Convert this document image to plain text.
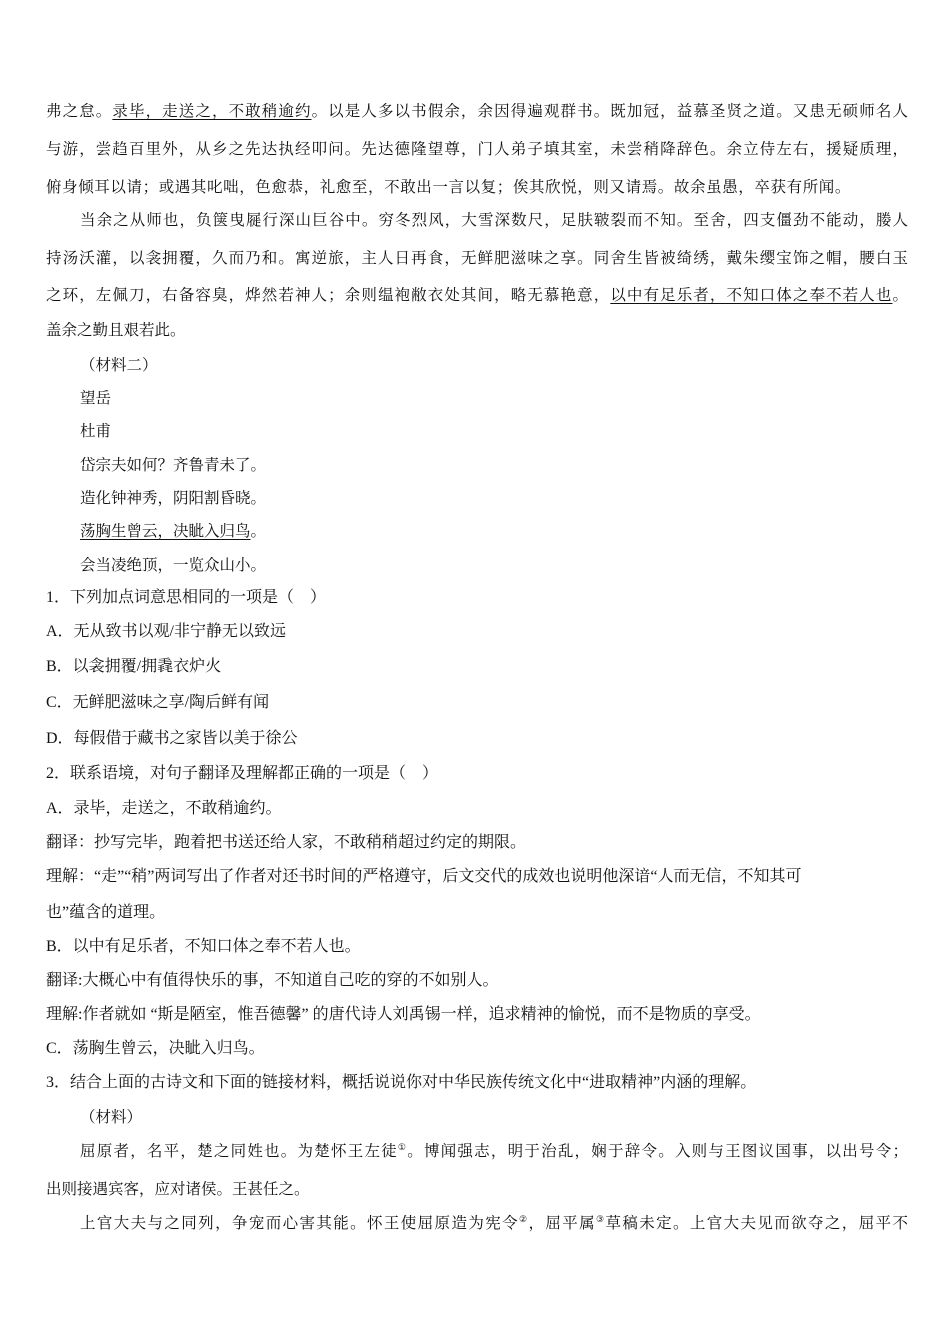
弗之怠。录毕，走送之，不敢稍逾约。以是人多以书假余，余因得遍观群书。既加冠，益慕圣贤之道。又患无硕师名人
与游，尝趋百里外，从乡之先达执经叩问。先达德隆望尊，门人弟子填其室，未尝稍降辞色。余立侍左右，援疑质理，
俯身倾耳以请；或遇其叱咄，色愈恭，礼愈至，不敢出一言以复；俟其欣悦，则又请焉。故余虽愚，卒获有所闻。
当余之从师也，负箧曳屣行深山巨谷中。穷冬烈风，大雪深数尺，足肤皲裂而不知。至舍，四支僵劲不能动，媵人
持汤沃灌，以衾拥覆，久而乃和。寓逆旅，主人日再食，无鲜肥滋味之享。同舍生皆被绮绣，戴朱缨宝饰之帽，腰白玉
之环，左佩刀，右备容臭，烨然若神人；余则缊袍敝衣处其间，略无慕艳意，以中有足乐者，不知口体之奉不若人也。
盖余之勤且艰若此。
（材料二）
望岳
杜甫
岱宗夫如何？齐鲁青未了。
造化钟神秀，阴阳割昏晓。
荡胸生曾云，决眦入归鸟。
会当凌绝顶，一览众山小。
1．下列加点词意思相同的一项是（　）
A．无从致书以观/非宁静无以致远
B．以衾拥覆/拥毳衣炉火
C．无鲜肥滋味之享/陶后鲜有闻
D．每假借于藏书之家皆以美于徐公
2．联系语境，对句子翻译及理解都正确的一项是（　）
A．录毕，走送之，不敢稍逾约。
翻译：抄写完毕，跑着把书送还给人家，不敢稍稍超过约定的期限。
理解：“走”“稍”两词写出了作者对还书时间的严格遵守，后文交代的成效也说明他深谙“人而无信，不知其可
也”蕴含的道理。
B．以中有足乐者，不知口体之奉不若人也。
翻译:大概心中有值得快乐的事，不知道自己吃的穿的不如别人。
理解:作者就如 “斯是陋室，惟吾德馨” 的唐代诗人刘禹锡一样，追求精神的愉悦，而不是物质的享受。
C．荡胸生曾云，决眦入归鸟。
3．结合上面的古诗文和下面的链接材料，概括说说你对中华民族传统文化中“进取精神”内涵的理解。
（材料）
屈原者，名平，楚之同姓也。为楚怀王左徒①。博闻强志，明于治乱，娴于辞令。入则与王图议国事，以出号令；
出则接遇宾客，应对诸侯。王甚任之。
上官大夫与之同列，争宠而心害其能。怀王使屈原造为宪令②，屈平属③草稿未定。上官大夫见而欲夺之，屈平不
